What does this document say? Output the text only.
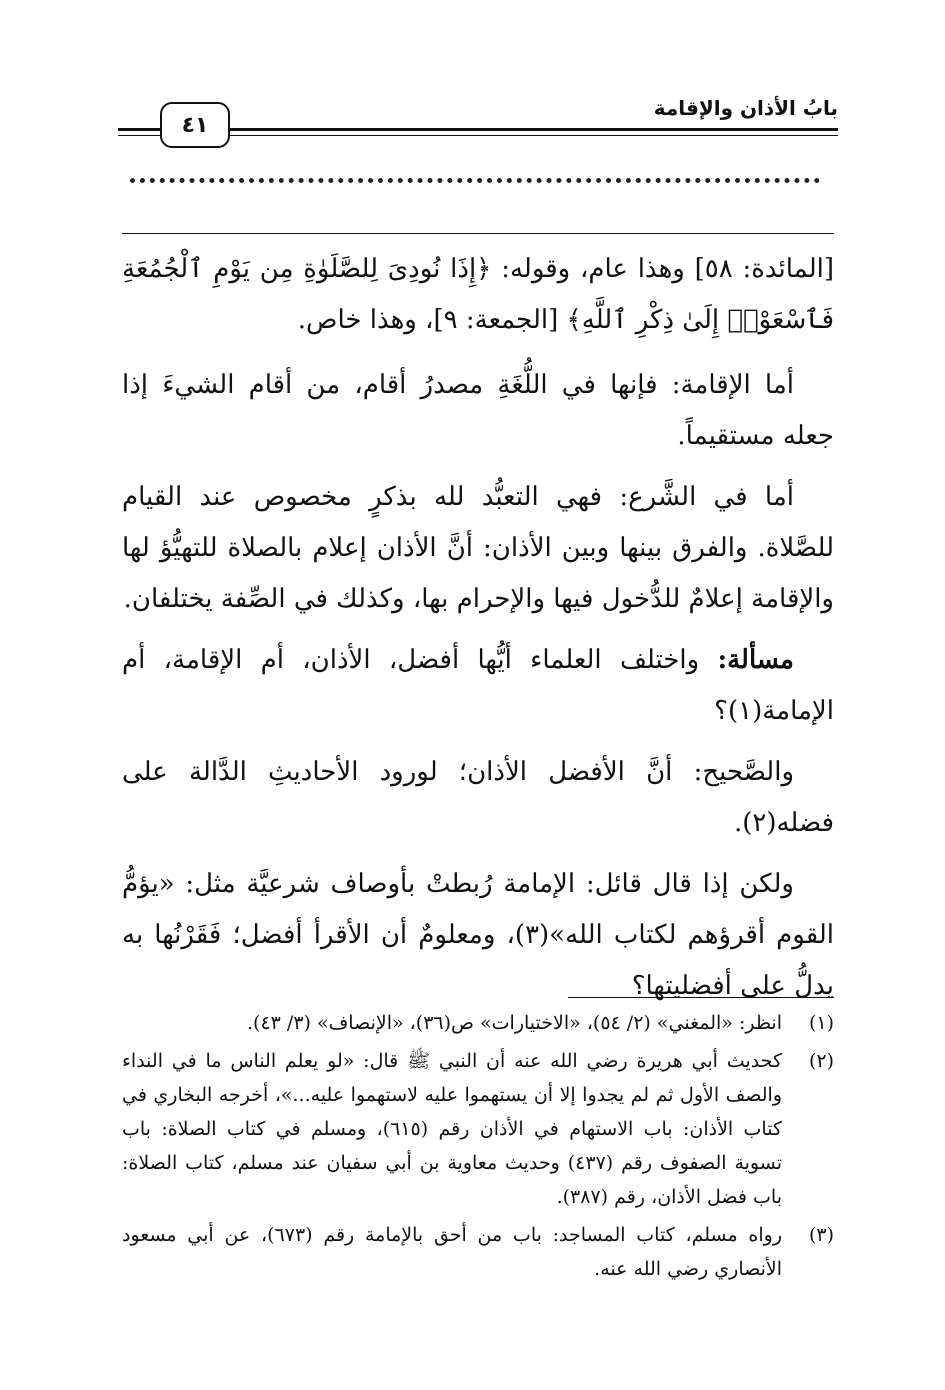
بابُ الأذان والإقامة
٤١

[المائدة: ٥٨] وهذا عام، وقوله: ﴿إِذَا نُودِىَ لِلصَّلَوٰةِ مِن يَوْمِ ٱلْجُمُعَةِ فَٱسْعَوْا۟ إِلَىٰ ذِكْرِ ٱللَّهِ﴾ [الجمعة: ٩]، وهذا خاص.

أما الإقامة: فإنها في اللُّغَةِ مصدرُ أقام، من أقام الشيءَ إذا جعله مستقيماً.

أما في الشَّرع: فهي التعبُّد لله بذكرٍ مخصوص عند القيام للصَّلاة. والفرق بينها وبين الأذان: أنَّ الأذان إعلام بالصلاة للتهيُّؤ لها والإقامة إعلامٌ للدُّخول فيها والإحرام بها، وكذلك في الصِّفة يختلفان.

مسألة: واختلف العلماء أيُّها أفضل، الأذان، أم الإقامة، أم الإمامة(١)؟

والصَّحيح: أنَّ الأفضل الأذان؛ لورود الأحاديثِ الدَّالة على فضله(٢).

ولكن إذا قال قائل: الإمامة رُبطتْ بأوصاف شرعيَّة مثل: «يؤمُّ القوم أقرؤهم لكتاب الله»(٣)، ومعلومٌ أن الأقرأ أفضل؛ فَقَرْنُها به يدلُّ على أفضليتها؟

(١)
انظر: «المغني» (٢/ ٥٤)، «الاختيارات» ص(٣٦)، «الإنصاف» (٣/ ٤٣).
(٢)
كحديث أبي هريرة رضي الله عنه أن النبي ﷺ قال: «لو يعلم الناس ما في النداء والصف الأول ثم لم يجدوا إلا أن يستهموا عليه لاستهموا عليه...»، أخرجه البخاري في كتاب الأذان: باب الاستهام في الأذان رقم (٦١٥)، ومسلم في كتاب الصلاة: باب تسوية الصفوف رقم (٤٣٧) وحديث معاوية بن أبي سفيان عند مسلم، كتاب الصلاة: باب فضل الأذان، رقم (٣٨٧).
(٣)
رواه مسلم، كتاب المساجد: باب من أحق بالإمامة رقم (٦٧٣)، عن أبي مسعود الأنصاري رضي الله عنه.
